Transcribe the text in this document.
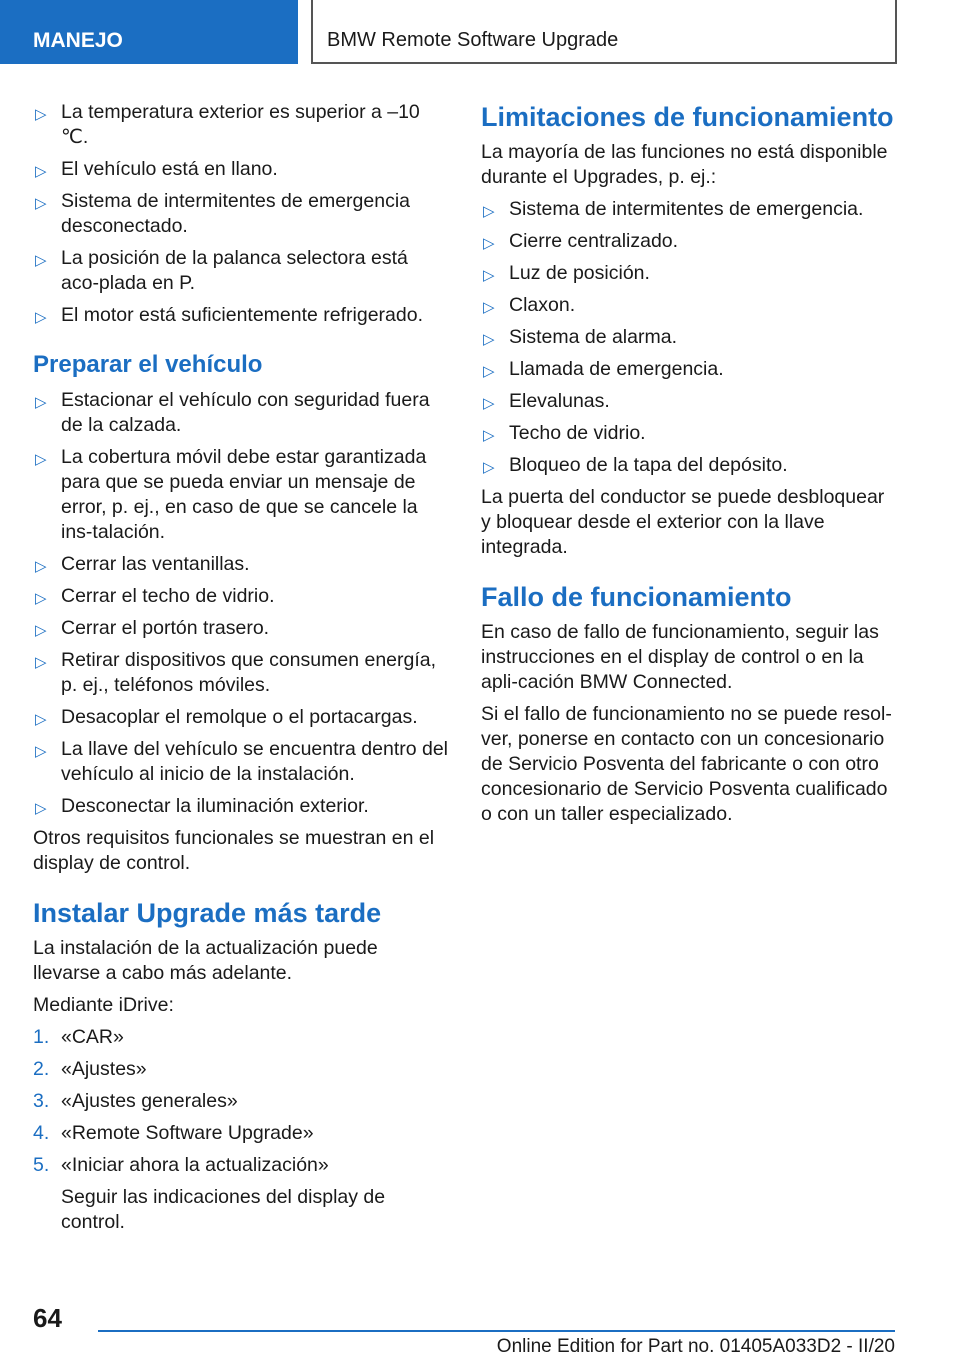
MANEJO	BMW Remote Software Upgrade
▷ La temperatura exterior es superior a ‒10 ℃.
▷ El vehículo está en llano.
▷ Sistema de intermitentes de emergencia desconectado.
▷ La posición de la palanca selectora está aco-plada en P.
▷ El motor está suficientemente refrigerado.
Preparar el vehículo
▷ Estacionar el vehículo con seguridad fuera de la calzada.
▷ La cobertura móvil debe estar garantizada para que se pueda enviar un mensaje de error, p. ej., en caso de que se cancele la ins-talación.
▷ Cerrar las ventanillas.
▷ Cerrar el techo de vidrio.
▷ Cerrar el portón trasero.
▷ Retirar dispositivos que consumen energía, p. ej., teléfonos móviles.
▷ Desacoplar el remolque o el portacargas.
▷ La llave del vehículo se encuentra dentro del vehículo al inicio de la instalación.
▷ Desconectar la iluminación exterior.

Otros requisitos funcionales se muestran en el display de control.

Instalar Upgrade más tarde

La instalación de la actualización puede llevarse a cabo más adelante.

Mediante iDrive:

1. «CAR»
2. «Ajustes»
3. «Ajustes generales»
4. «Remote Software Upgrade»
5. «Iniciar ahora la actualización»

Seguir las indicaciones del display de control.

Limitaciones de funcionamiento

La mayoría de las funciones no está disponible durante el Upgrades, p. ej.:

▷ Sistema de intermitentes de emergencia.
▷ Cierre centralizado.
▷ Luz de posición.
▷ Claxon.
▷ Sistema de alarma.
▷ Llamada de emergencia.
▷ Elevalunas.
▷ Techo de vidrio.
▷ Bloqueo de la tapa del depósito.

La puerta del conductor se puede desbloquear y bloquear desde el exterior con la llave integrada.

Fallo de funcionamiento

En caso de fallo de funcionamiento, seguir las instrucciones en el display de control o en la apli-cación BMW Connected.

Si el fallo de funcionamiento no se puede resol-ver, ponerse en contacto con un concesionario de Servicio Posventa del fabricante o con otro concesionario de Servicio Posventa cualificado o con un taller especializado.

64
Online Edition for Part no. 01405A033D2 - II/20
